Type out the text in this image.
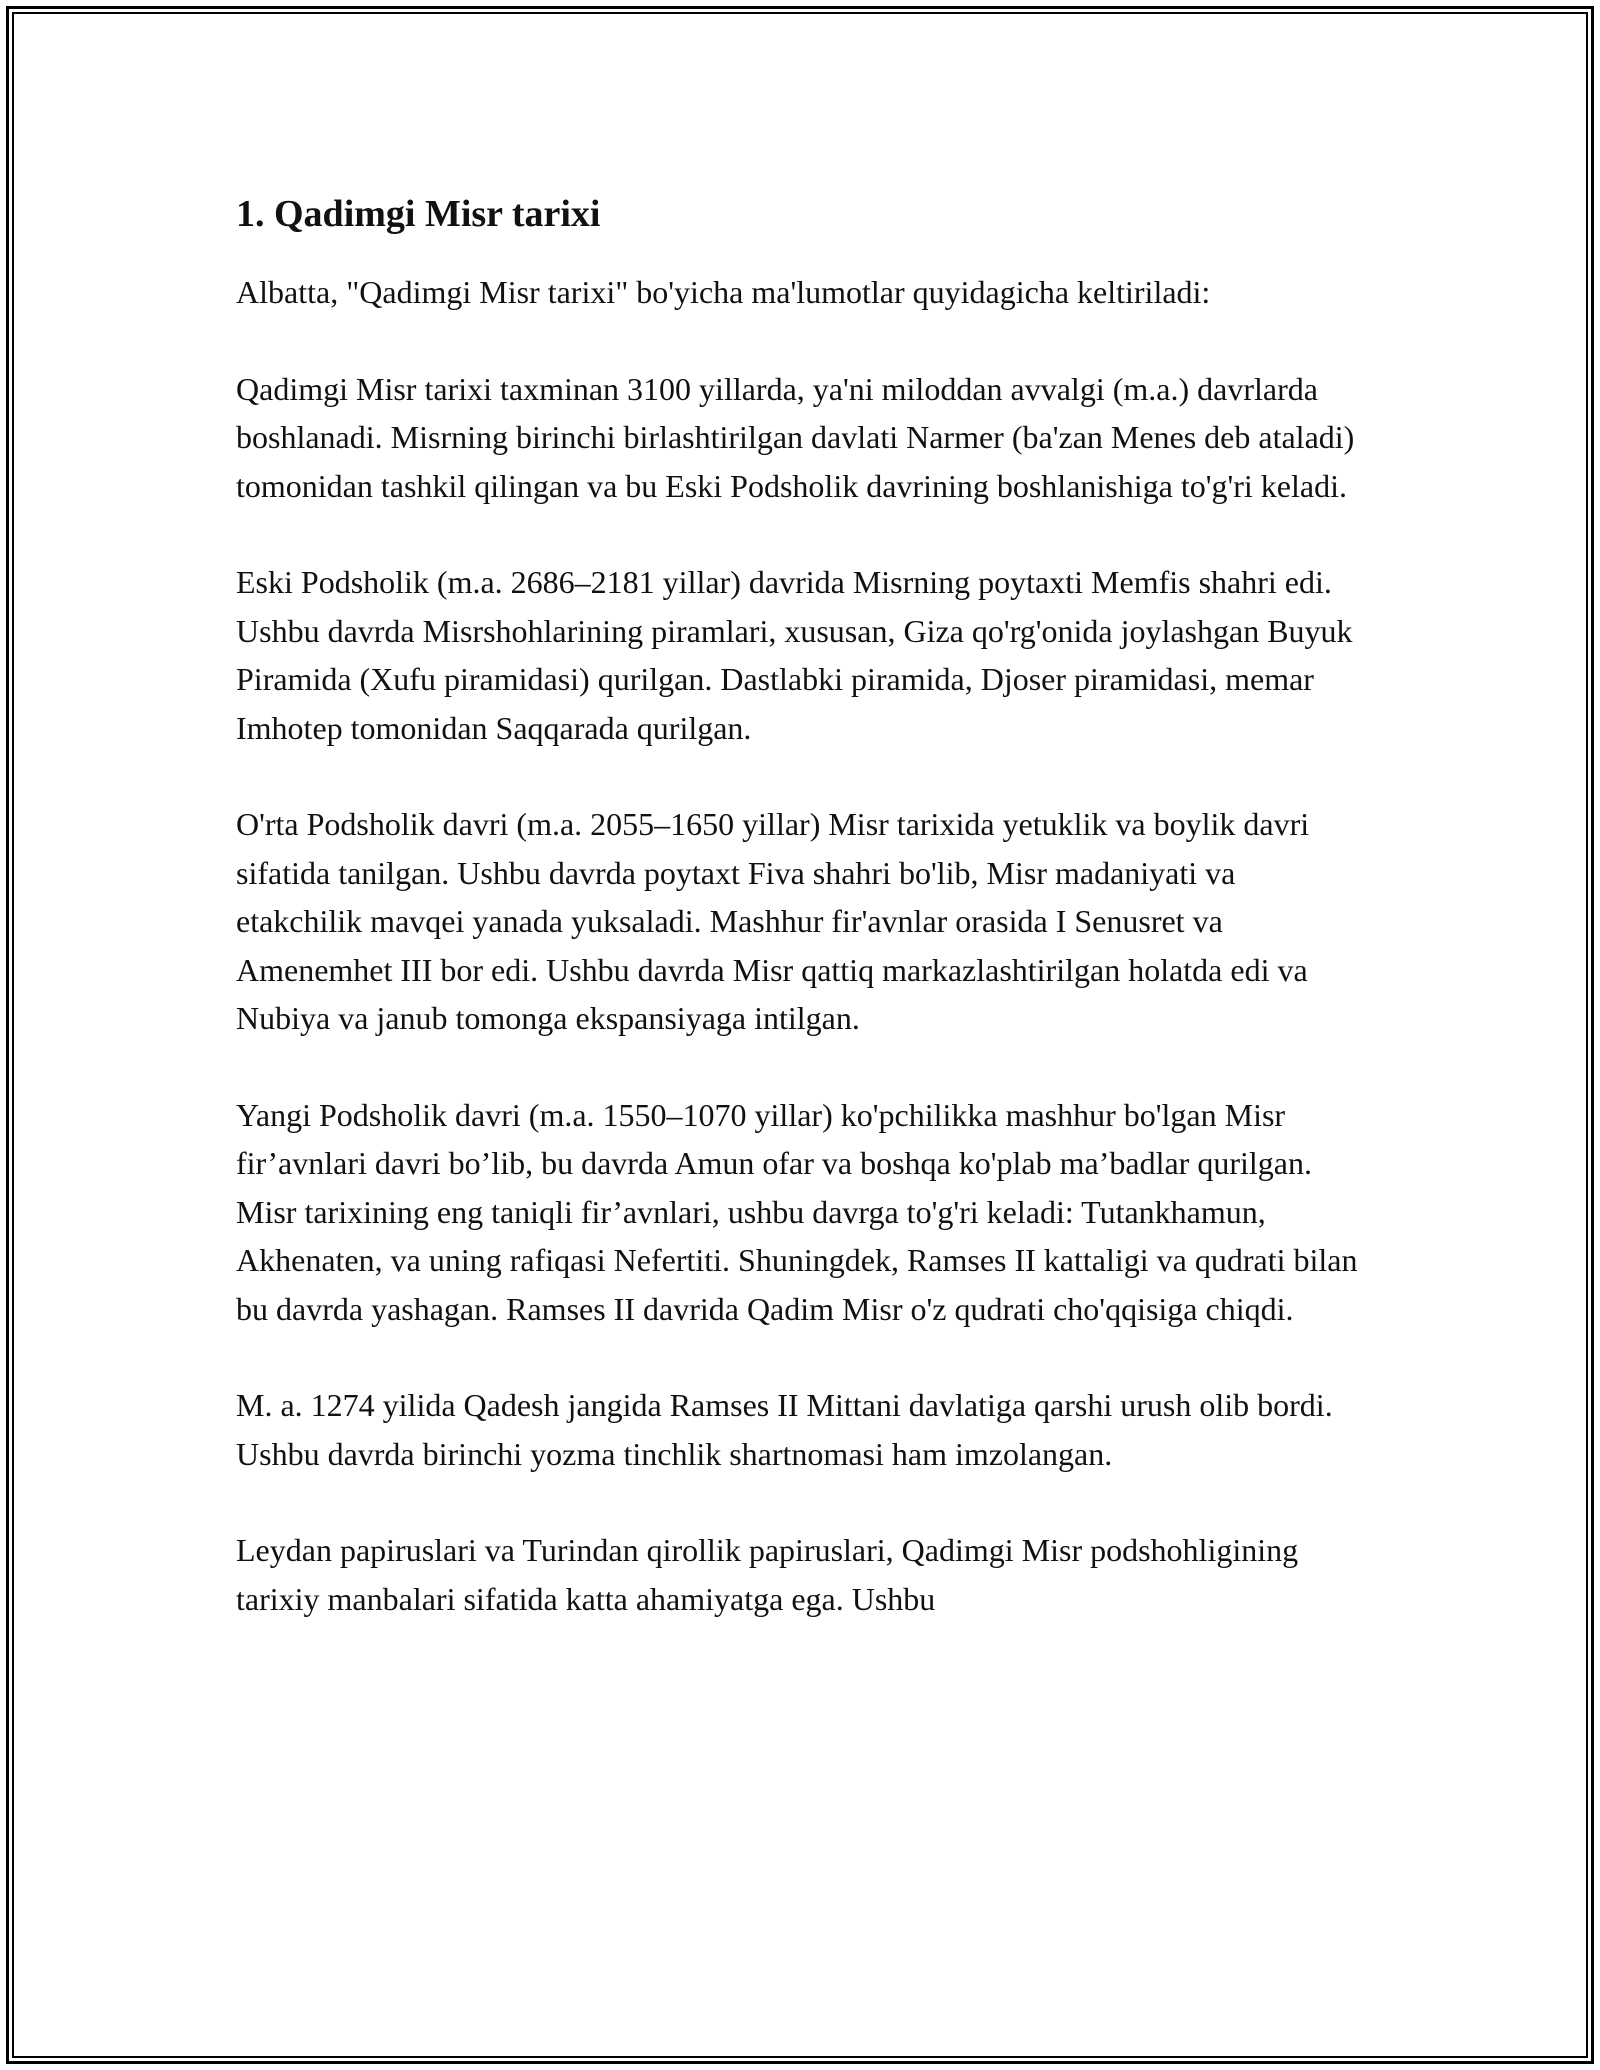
1. Qadimgi Misr tarixi

Albatta, "Qadimgi Misr tarixi" bo'yicha ma'lumotlar quyidagicha keltiriladi:

Qadimgi Misr tarixi taxminan 3100 yillarda, ya'ni miloddan avvalgi (m.a.) davrlarda boshlanadi. Misrning birinchi birlashtirilgan davlati Narmer (ba'zan Menes deb ataladi) tomonidan tashkil qilingan va bu Eski Podsholik davrining boshlanishiga to'g'ri keladi.

Eski Podsholik (m.a. 2686–2181 yillar) davrida Misrning poytaxti Memfis shahri edi. Ushbu davrda Misrshohlarining piramlari, xususan, Giza qo'rg'onida joylashgan Buyuk Piramida (Xufu piramidasi) qurilgan. Dastlabki piramida, Djoser piramidasi, memar Imhotep tomonidan Saqqarada qurilgan.

O'rta Podsholik davri (m.a. 2055–1650 yillar) Misr tarixida yetuklik va boylik davri sifatida tanilgan. Ushbu davrda poytaxt Fiva shahri bo'lib, Misr madaniyati va etakchilik mavqei yanada yuksaladi. Mashhur fir'avnlar orasida I Senusret va Amenemhet III bor edi. Ushbu davrda Misr qattiq markazlashtirilgan holatda edi va Nubiya va janub tomonga ekspansiyaga intilgan.

Yangi Podsholik davri (m.a. 1550–1070 yillar) ko'pchilikka mashhur bo'lgan Misr fir’avnlari davri bo’lib, bu davrda Amun ofar va boshqa ko'plab ma’badlar qurilgan. Misr tarixining eng taniqli fir’avnlari, ushbu davrga to'g'ri keladi: Tutankhamun, Akhenaten, va uning rafiqasi Nefertiti. Shuningdek, Ramses II kattaligi va qudrati bilan bu davrda yashagan. Ramses II davrida Qadim Misr o'z qudrati cho'qqisiga chiqdi.

M. a. 1274 yilida Qadesh jangida Ramses II Mittani davlatiga qarshi urush olib bordi. Ushbu davrda birinchi yozma tinchlik shartnomasi ham imzolangan.

Leydan papiruslari va Turindan qirollik papiruslari, Qadimgi Misr podshohligining tarixiy manbalari sifatida katta ahamiyatga ega. Ushbu
